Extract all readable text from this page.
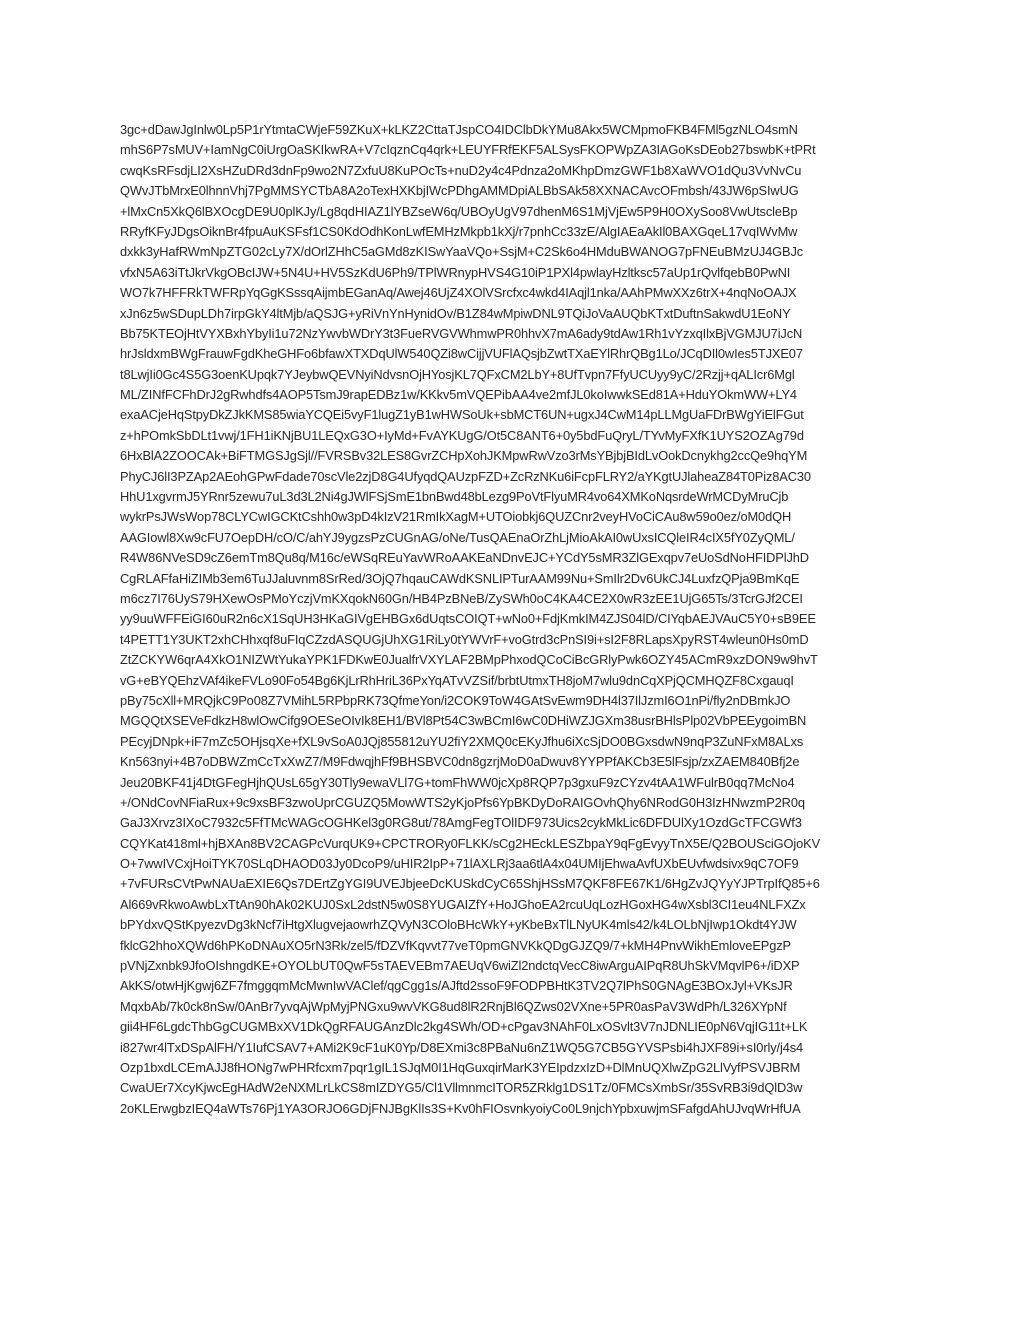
3gc+dDawJgInlw0Lp5P1rYtmtaCWjeF59ZKuX+kLKZ2CttaTJspCO4IDClbDkYMu8Akx5WCMpmoFKB4FMl5gzNLO4smN
mhS6P7sMUV+IamNgC0iUrgOaSKIkwRA+V7cIqznCq4qrk+LEUYFRfEKF5ALSysFKOPWpZA3IAGoKsDEob27bswbK+tPRt
cwqKsRFsdjLI2XsHZuDRd3dnFp9wo2N7ZxfuU8KuPOcTs+nuD2y4c4Pdnza2oMKhpDmzGWF1b8XaWVO1dQu3VvNvCu
QWvJTbMrxE0lhnnVhj7PgMMSYCTbA8A2oTexHXKbjIWcPDhgAMMDpiALBbSAk58XXNACAvcOFmbsh/43JW6pSIwUG
+lMxCn5XkQ6lBXOcgDE9U0plKJy/Lg8qdHIAZ1lYBZseW6q/UBOyUgV97dhenM6S1MjVjEw5P9H0OXySoo8VwUtscleBp
RRyfKFyJDgsOiknBr4fpuAuKSFsf1CS0KdOdhKonLwfEMHzMkpb1kXj/r7pnhCc33zE/AlgIAEaAkIl0BAXGqeL17vqIWvMw
dxkk3yHafRWmNpZTG02cLy7X/dOrlZHhC5aGMd8zKISwYaaVQo+SsjM+C2Sk6o4HMduBWANOG7pFNEuBMzUJ4GBJc
vfxN5A63iTtJkrVkgOBcIJW+5N4U+HV5SzKdU6Ph9/TPlWRnypHVS4G10iP1PXl4pwlayHzltksc57aUp1rQvlfqebB0PwNI
WO7k7HFFRkTWFRpYqGgKSssqAijmbEGanAq/Awej46UjZ4XOlVSrcfxc4wkd4IAqjl1nka/AAhPMwXXz6trX+4nqNoOAJX
xJn6z5wSDupLDh7irpGkY4ltMjb/aQSJG+yRiVnYnHynidOv/B1Z84wMpiwDNL9TQiJoVaAUQbKTxtDuftnSakwdU1EoNY
Bb75KTEOjHtVYXBxhYbyIi1u72NzYwvbWDrY3t3FueRVGVWhmwPR0hhvX7mA6ady9tdAw1Rh1vYzxqIlxBjVGMJU7iJcN
hrJsldxmBWgFrauwFgdKheGHFo6bfawXTXDqUlW540QZi8wCijjVUFlAQsjbZwtTXaEYlRhrQBg1Lo/JCqDIl0wIes5TJXE07
t8LwjIi0Gc4S5G3oenKUpqk7YJeybwQEVNyiNdvsnOjHYosjKL7QFxCM2LbY+8UfTvpn7FfyUCUyy9yC/2Rzjj+qALIcr6Mgl
ML/ZINfFCFhDrJ2gRwhdfs4AOP5TsmJ9rapEDBz1w/KKkv5mVQEPibAA4ve2mfJL0koIwwkSEd81A+HduYOkmWW+LY4
exaACjeHqStpyDkZJkKMS85wiaYCQEi5vyF1lugZ1yB1wHWSoUk+sbMCT6UN+ugxJ4CwM14pLLMgUaFDrBWgYiElFGut
z+hPOmkSbDLt1vwj/1FH1iKNjBU1LEQxG3O+IyMd+FvAYKUgG/Ot5C8ANT6+0y5bdFuQryL/TYvMyFXfK1UYS2OZAg79d
6HxBlA2ZOOCAk+BiFTMGSJgSjl//FVRSBv32LES8GvrZCHpXohJKMpwRwVzo3rMsYBjbjBIdLvOokDcnykhg2ccQe9hqYM
PhyCJ6lI3PZAp2AEohGPwFdade70scVle2zjD8G4UfyqdQAUzpFZD+ZcRzNKu6iFcpFLRY2/aYKgtUJlaheaZ84T0Piz8AC30
HhU1xgvrmJ5YRnr5zewu7uL3d3L2Ni4gJWlFSjSmE1bnBwd48bLezg9PoVtFlyuMR4vo64XMKoNqsrdeWrMCDyMruCjb
wykrPsJWsWop78CLYCwIGCKtCshh0w3pD4kIzV21RmIkXagM+UTOiobkj6QUZCnr2veyHVoCiCAu8w59o0ez/oM0dQH
AAGIowl8Xw9cFU7OepDH/cO/C/ahYJ9ygzsPzCUGnAG/oNe/TusQAEnaOrZhLjMioAkAI0wUxsICQleIR4cIX5fY0ZyQML/
R4W86NVeSD9cZ6emTm8Qu8q/M16c/eWSqREuYavWRoAAKEaNDnvEJC+YCdY5sMR3ZlGExqpv7eUoSdNoHFIDPlJhD
CgRLAFfaHiZIMb3em6TuJJaluvnm8SrRed/3OjQ7hqauCAWdKSNLIPTurAAM99Nu+SmIlr2Dv6UkCJ4LuxfzQPja9BmKqE
m6cz7I76UyS79HXewOsPMoYczjVmKXqokN60Gn/HB4PzBNeB/ZySWh0oC4KA4CE2X0wR3zEE1UjG65Ts/3TcrGJf2CEI
yy9uuWFFEiGI60uR2n6cX1SqUH3HKaGIVgEHBGx6dUqtsCOIQT+wNo0+FdjKmkIM4ZJS04lD/CIYqbAEJVAuC5Y0+sB9EE
t4PETT1Y3UKT2xhCHhxqf8uFIqCZzdASQUGjUhXG1RiLy0tYWVrF+voGtrd3cPnSI9i+sI2F8RLapsXpyRST4wleun0Hs0mD
ZtZCKYW6qrA4XkO1NIZWtYukaYPK1FDKwE0JualfrVXYLAF2BMpPhxodQCoCiBcGRlyPwk6OZY45ACmR9xzDON9w9hvT
vG+eBYQEhzVAf4ikeFVLo90Fo54Bg6KjLrRhHriL36PxYqATvVZSif/brbtUtmxTH8joM7wlu9dnCqXPjQCMHQZF8CxgauqI
pBy75cXll+MRQjkC9Po08Z7VMihL5RPbpRK73QfmeYon/i2COK9ToW4GAtSvEwm9DH4l37IlJzmI6O1nPi/fly2nDBmkJO
MGQQtXSEVeFdkzH8wlOwCifg9OESeOIvIk8EH1/BVl8Pt54C3wBCmI6wC0DHiWZJGXm38usrBHlsPlp02VbPEEygoimBN
PEcyjDNpk+iF7mZc5OHjsqXe+fXL9vSoA0JQj855812uYU2fiY2XMQ0cEKyJfhu6iXcSjDO0BGxsdwN9nqP3ZuNFxM8ALxs
Kn563nyi+4B7oDBWZmCcTxXwZ7/M9FdwqjhFf9BHSBVC0dn8gzrjMoD0aDwuv8YYPPfAKCb3E5lFsjp/zxZAEM840Bfj2e
Jeu20BKF41j4DtGFegHjhQUsL65gY30Tly9ewaVLl7G+tomFhWW0jcXp8RQP7p3gxuF9zCYzv4tAA1WFulrB0qq7McNo4
+/ONdCovNFiaRux+9c9xsBF3zwoUprCGUZQ5MowWTS2yKjoPfs6YpBKDyDoRAIGOvhQhy6NRodG0H3IzHNwzmP2R0q
GaJ3Xrvz3IXoC7932c5FfTMcWAGcOGHKel3g0RG8ut/78AmgFegTOlIDF973Uics2cykMkLic6DFDUlXy1OzdGcTFCGWf3
CQYKat418ml+hjBXAn8BV2CAGPcVurqUK9+CPCTRORy0FLKK/sCg2HEckLESZbpaY9qFgEvyyTnX5E/Q2BOUSciGOjoKV
O+7wwIVCxjHoiTYK70SLqDHAOD03Jy0DcoP9/uHIR2IpP+71lAXLRj3aa6tlA4x04UMIjEhwaAvfUXbEUvfwdsivx9qC7OF9
+7vFURsCVtPwNAUaEXIE6Qs7DErtZgYGI9UVEJbjeeDcKUSkdCyC65ShjHSsM7QKF8FE67K1/6HgZvJQYyYJPTrpIfQ85+6
Al669vRkwoAwbLxTtAn90hAk02KUJ0SxL2dstN5w0S8YUGAIZfY+HoJGhoEA2rcuUqLozHGoxHG4wXsbl3CI1eu4NLFXZx
bPYdxvQStKpyezvDg3kNcf7iHtgXlugvejaowrhZQVyN3COloBHcWkY+yKbeBxTlLNyUK4mls42/k4LOLbNjIwp1Okdt4YJW
fklcG2hhoXQWd6hPKoDNAuXO5rN3Rk/zel5/fDZVfKqvvt77veT0pmGNVKkQDgGJZQ9/7+kMH4PnvWikhEmloveEPgzP
pVNjZxnbk9JfoOIshngdKE+OYOLbUT0QwF5sTAEVEBm7AEUqV6wiZl2ndctqVecC8iwArguAIPqR8UhSkVMqvlP6+/iDXP
AkKS/otwHjKgwj6ZF7fmggqmMcMwnIwVAClef/qgCgg1s/AJftd2ssoF9FODPBHtK3TV2Q7lPhS0GNAgE3BOxJyl+VKsJR
MqxbAb/7k0ck8nSw/0AnBr7yvqAjWpMyjPNGxu9wvVKG8ud8lR2RnjBl6QZws02VXne+5PR0asPaV3WdPh/L326XYpNf
gii4HF6LgdcThbGgCUGMBxXV1DkQgRFAUGAnzDlc2kg4SWh/OD+cPgav3NAhF0LxOSvlt3V7nJDNLIE0pN6VqjIG11t+LK
i827wr4lTxDSpAlFH/Y1IufCSAV7+AMi2K9cF1uK0Yp/D8EXmi3c8PBaNu6nZ1WQ5G7CB5GYVSPsbi4hJXF89i+sI0rly/j4s4
Ozp1bxdLCEmAJJ8fHONg7wPHRfcxm7pqr1gIL1SJqM0I1HqGuxqirMarK3YEIpdzxIzD+DlMnUQXlwZpG2LlVyfPSVJBRM
CwaUEr7XcyKjwcEgHAdW2eNXMLrLkCS8mIZDYG5/Cl1VllmnmcITOR5ZRklg1DS1Tz/0FMCsXmbSr/35SvRB3i9dQlD3w
2oKLErwgbzIEQ4aWTs76Pj1YA3ORJO6GDjFNJBgKlIs3S+Kv0hFIOsvnkyoiyCo0L9njchYpbxuwjmSFafgdAhUJvqWrHfUA
